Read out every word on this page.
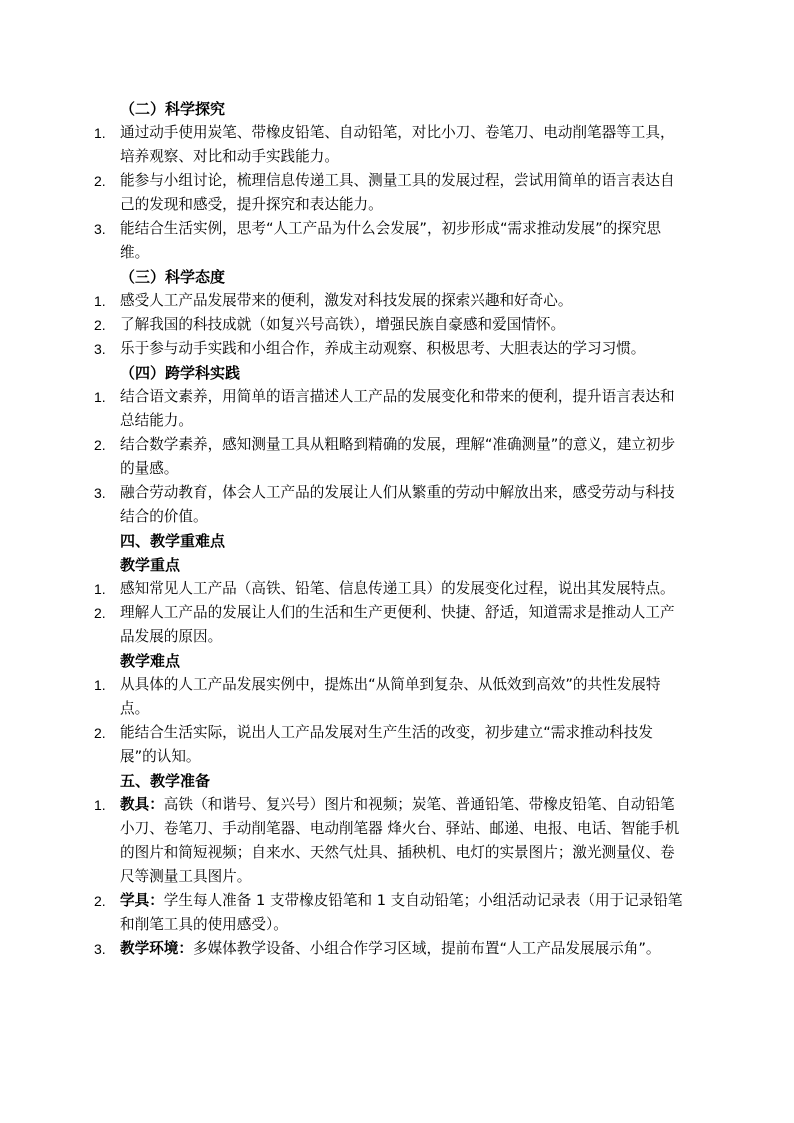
（二）科学探究
1. 通过动手使用炭笔、带橡皮铅笔、自动铅笔，对比小刀、卷笔刀、电动削笔器等工具，培养观察、对比和动手实践能力。
2. 能参与小组讨论，梳理信息传递工具、测量工具的发展过程，尝试用简单的语言表达自己的发现和感受，提升探究和表达能力。
3. 能结合生活实例，思考“人工产品为什么会发展”，初步形成“需求推动发展”的探究思维。
（三）科学态度
1. 感受人工产品发展带来的便利，激发对科技发展的探索兴趣和好奇心。
2. 了解我国的科技成就（如复兴号高铁），增强民族自豪感和爱国情怀。
3. 乐于参与动手实践和小组合作，养成主动观察、积极思考、大胆表达的学习习惯。
（四）跨学科实践
1. 结合语文素养，用简单的语言描述人工产品的发展变化和带来的便利，提升语言表达和总结能力。
2. 结合数学素养，感知测量工具从粗略到精确的发展，理解“准确测量”的意义，建立初步的量感。
3. 融合劳动教育，体会人工产品的发展让人们从繁重的劳动中解放出来，感受劳动与科技结合的价值。
四、教学重难点
教学重点
1. 感知常见人工产品（高铁、铅笔、信息传递工具）的发展变化过程，说出其发展特点。
2. 理解人工产品的发展让人们的生活和生产更便利、快捷、舒适，知道需求是推动人工产品发展的原因。
教学难点
1. 从具体的人工产品发展实例中，提炼出“从简单到复杂、从低效到高效”的共性发展特点。
2. 能结合生活实际，说出人工产品发展对生产生活的改变，初步建立“需求推动科技发展”的认知。
五、教学准备
1. 教具：高铁（和谐号、复兴号）图片和视频；炭笔、普通铅笔、带橡皮铅笔、自动铅笔 小刀、卷笔刀、手动削笔器、电动削笔器 烽火台、驿站、邮递、电报、电话、智能手机的图片和简短视频；自来水、天然气灶具、插秧机、电灯的实景图片；激光测量仪、卷尺等测量工具图片。
2. 学具：学生每人准备 1 支带橡皮铅笔和 1 支自动铅笔；小组活动记录表（用于记录铅笔和削笔工具的使用感受）。
3. 教学环境：多媒体教学设备、小组合作学习区域，提前布置“人工产品发展展示角”。
